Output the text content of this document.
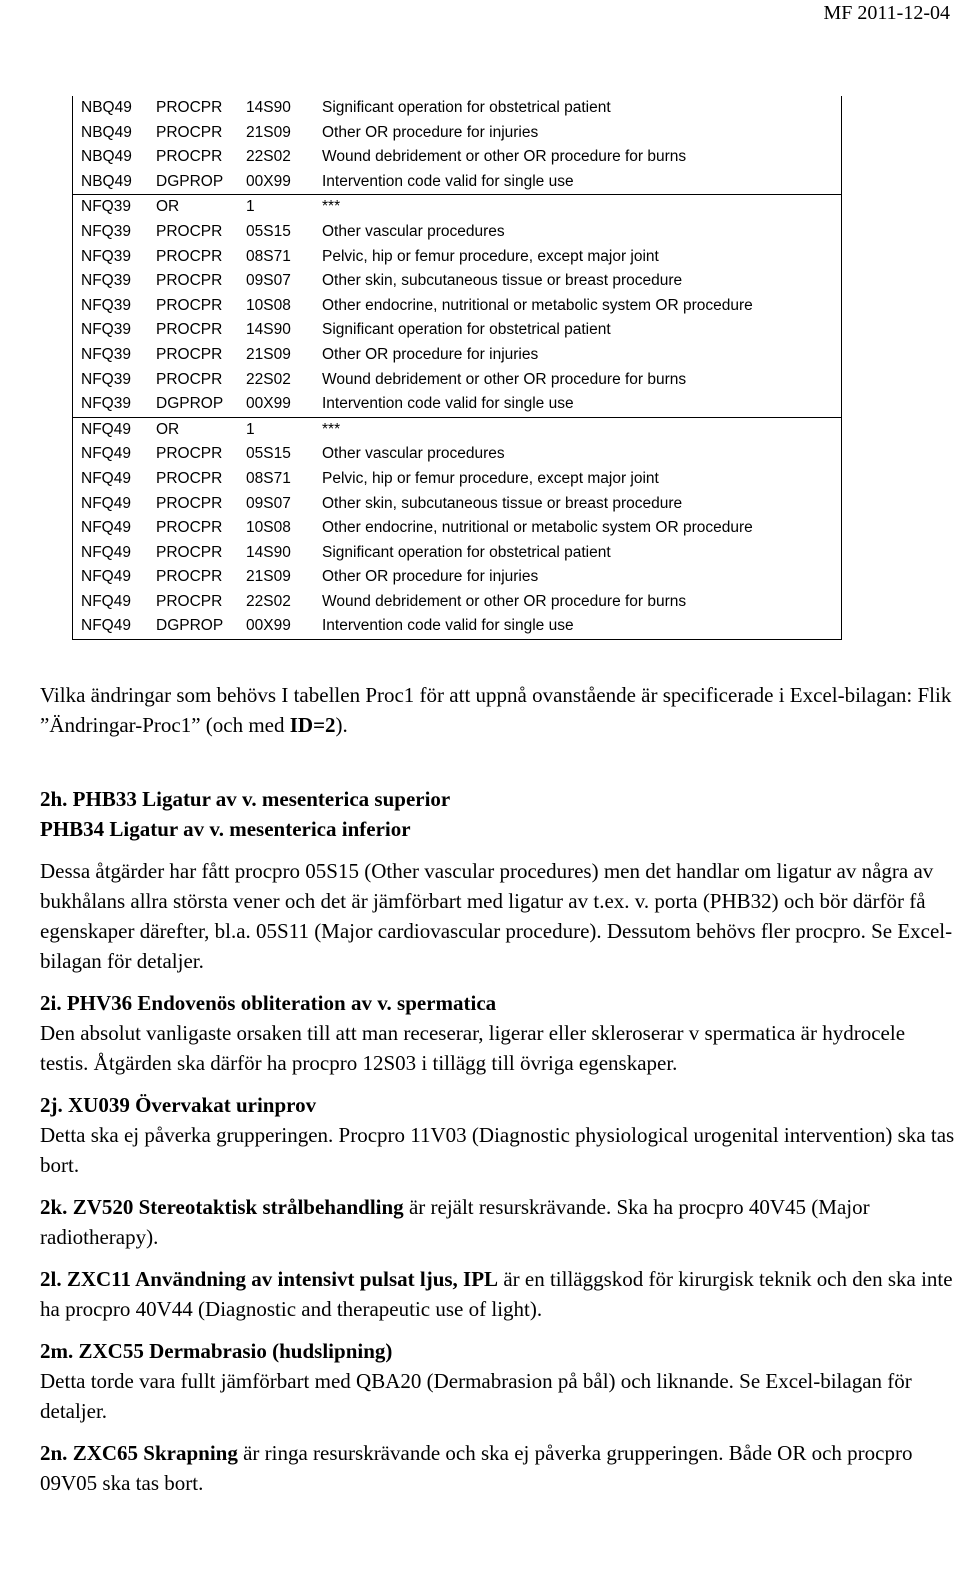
MF 2011-12-04
NBQ49 PROCPR 14S90 Significant operation for obstetrical patient
NBQ49 PROCPR 21S09 Other OR procedure for injuries
NBQ49 PROCPR 22S02 Wound debridement or other OR procedure for burns
NBQ49 DGPROP 00X99 Intervention code valid for single use
NFQ39 OR	1	***
NFQ39 PROCPR 05S15 Other vascular procedures
NFQ39 PROCPR 08S71 Pelvic, hip or femur procedure, except major joint
NFQ39 PROCPR 09S07 Other skin, subcutaneous tissue or breast procedure
NFQ39 PROCPR 10S08 Other endocrine, nutritional or metabolic system OR procedure
NFQ39 PROCPR 14S90 Significant operation for obstetrical patient
NFQ39 PROCPR 21S09 Other OR procedure for injuries
NFQ39 PROCPR 22S02 Wound debridement or other OR procedure for burns
NFQ39 DGPROP 00X99 Intervention code valid for single use
NFQ49 OR	1	***
NFQ49 PROCPR 05S15 Other vascular procedures
NFQ49 PROCPR 08S71 Pelvic, hip or femur procedure, except major joint
NFQ49 PROCPR 09S07 Other skin, subcutaneous tissue or breast procedure
NFQ49 PROCPR 10S08 Other endocrine, nutritional or metabolic system OR procedure
NFQ49 PROCPR 14S90 Significant operation for obstetrical patient
NFQ49 PROCPR 21S09 Other OR procedure for injuries
NFQ49 PROCPR 22S02 Wound debridement or other OR procedure for burns
NFQ49 DGPROP 00X99 Intervention code valid for single use

Vilka ändringar som behövs I tabellen Proc1 för att uppnå ovanstående är specificerade i Excel-bilagan: Flik ”Ändringar-Proc1” (och med ID=2).

2h. PHB33 Ligatur av v. mesenterica superior
PHB34 Ligatur av v. mesenterica inferior
Dessa åtgärder har fått procpro 05S15 (Other vascular procedures) men det handlar om ligatur av några av bukhålans allra största vener och det är jämförbart med ligatur av t.ex. v. porta (PHB32) och bör därför få egenskaper därefter, bl.a. 05S11 (Major cardiovascular procedure). Dessutom behövs fler procpro. Se Excel-bilagan för detaljer.
2i. PHV36 Endovenös obliteration av v. spermatica
Den absolut vanligaste orsaken till att man receserar, ligerar eller skleroserar v spermatica är hydrocele testis. Åtgärden ska därför ha procpro 12S03 i tillägg till övriga egenskaper.
2j. XU039 Övervakat urinprov
Detta ska ej påverka grupperingen. Procpro 11V03 (Diagnostic physiological urogenital intervention) ska tas bort.
2k. ZV520 Stereotaktisk strålbehandling är rejält resurskrävande. Ska ha procpro 40V45 (Major radiotherapy).
2l. ZXC11 Användning av intensivt pulsat ljus, IPL är en tilläggskod för kirurgisk teknik och den ska inte ha procpro 40V44 (Diagnostic and therapeutic use of light).
2m. ZXC55 Dermabrasio (hudslipning)
Detta torde vara fullt jämförbart med QBA20 (Dermabrasion på bål) och liknande. Se Excel-bilagan för detaljer.
2n. ZXC65 Skrapning är ringa resurskrävande och ska ej påverka grupperingen. Både OR och procpro 09V05 ska tas bort.
